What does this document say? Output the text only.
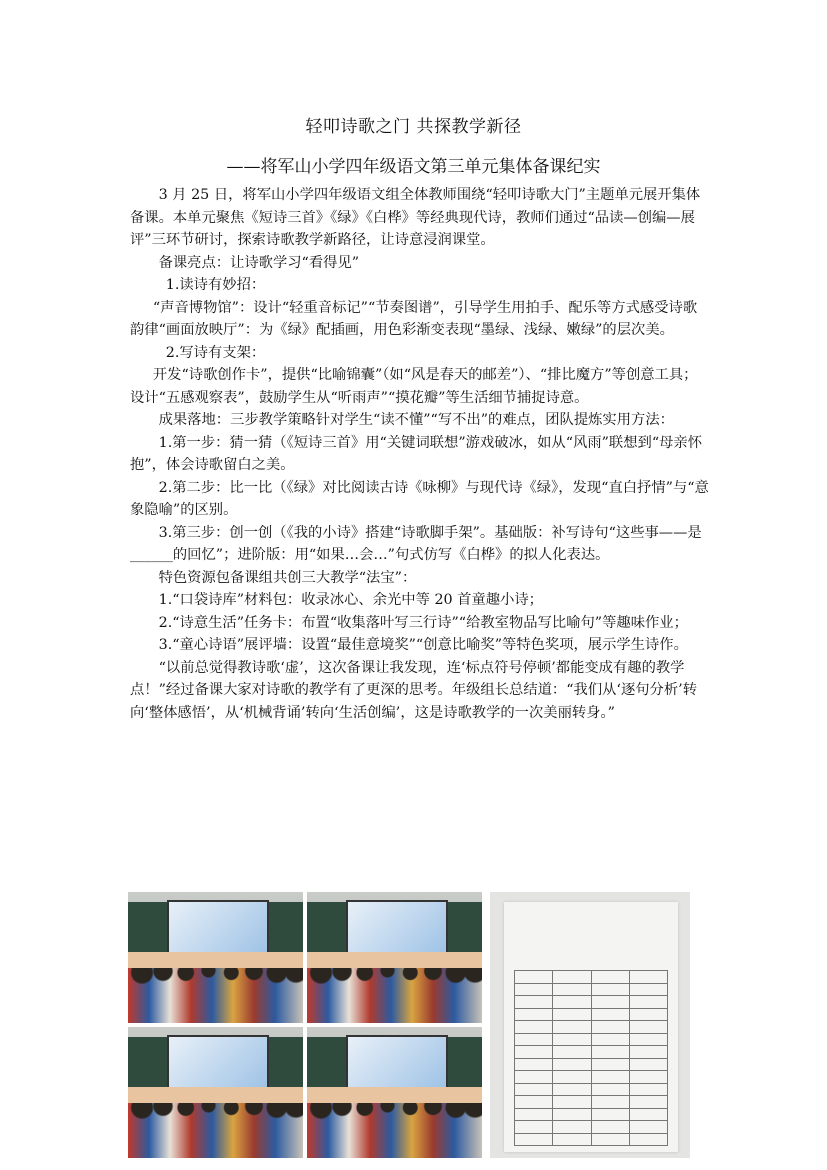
轻叩诗歌之门 共探教学新径
——将军山小学四年级语文第三单元集体备课纪实

3 月 25 日，将军山小学四年级语文组全体教师围绕“轻叩诗歌大门”主题单元展开集体备课。本单元聚焦《短诗三首》《绿》《白桦》等经典现代诗，教师们通过“品读—创编—展评”三环节研讨，探索诗歌教学新路径，让诗意浸润课堂。

备课亮点：让诗歌学习“看得见”

1.读诗有妙招：

“声音博物馆”：设计“轻重音标记”“节奏图谱”，引导学生用拍手、配乐等方式感受诗歌韵律“画面放映厅”：为《绿》配插画，用色彩渐变表现“墨绿、浅绿、嫩绿”的层次美。

2.写诗有支架：

开发“诗歌创作卡”，提供“比喻锦囊”（如“风是春天的邮差”）、“排比魔方”等创意工具；设计“五感观察表”，鼓励学生从“听雨声”“摸花瓣”等生活细节捕捉诗意。

成果落地：三步教学策略针对学生“读不懂”“写不出”的难点，团队提炼实用方法：

1.第一步：猜一猜（《短诗三首》用“关键词联想”游戏破冰，如从“风雨”联想到“母亲怀抱”，体会诗歌留白之美。

2.第二步：比一比（《绿》对比阅读古诗《咏柳》与现代诗《绿》，发现“直白抒情”与“意象隐喻”的区别。

3.第三步：创一创（《我的小诗》搭建“诗歌脚手架”。基础版：补写诗句“这些事——是______的回忆”；进阶版：用“如果…会…”句式仿写《白桦》的拟人化表达。

特色资源包备课组共创三大教学“法宝”：

1.“口袋诗库”材料包：收录冰心、余光中等 20 首童趣小诗；

2.“诗意生活”任务卡：布置“收集落叶写三行诗”“给教室物品写比喻句”等趣味作业；

3.“童心诗语”展评墙：设置“最佳意境奖”“创意比喻奖”等特色奖项，展示学生诗作。

“以前总觉得教诗歌‘虚’，这次备课让我发现，连‘标点符号停顿’都能变成有趣的教学点！”经过备课大家对诗歌的教学有了更深的思考。年级组长总结道：“我们从‘逐句分析’转向‘整体感悟’，从‘机械背诵’转向‘生活创编’，这是诗歌教学的一次美丽转身。”
